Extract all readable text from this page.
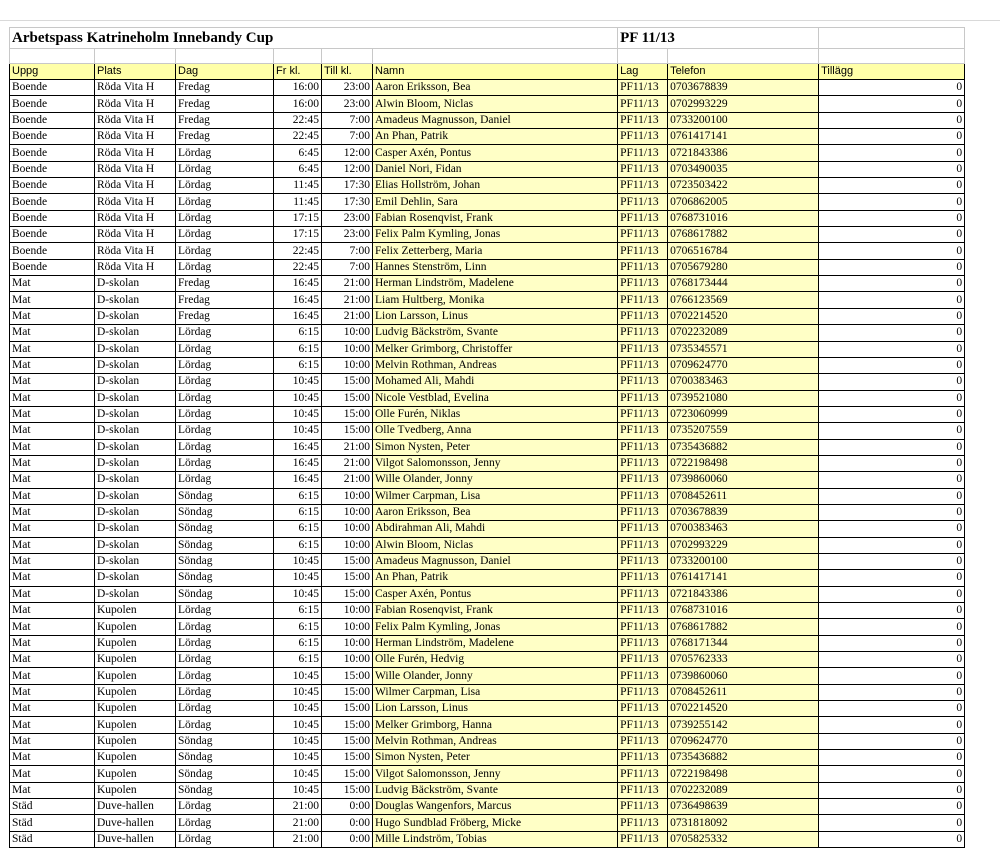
Arbetspass Katrineholm Innebandy Cup						PF 11/13		

Uppg	Plats	Dag	Fr kl.	Till kl.	Namn	Lag	Telefon	Tillägg
Boende	Röda Vita H	Fredag	16:00	23:00	Aaron Eriksson, Bea	PF11/13	0703678839	0
Boende	Röda Vita H	Fredag	16:00	23:00	Alwin Bloom, Niclas	PF11/13	0702993229	0
Boende	Röda Vita H	Fredag	22:45	7:00	Amadeus Magnusson, Daniel	PF11/13	0733200100	0
Boende	Röda Vita H	Fredag	22:45	7:00	An Phan, Patrik	PF11/13	0761417141	0
Boende	Röda Vita H	Lördag	6:45	12:00	Casper Axén, Pontus	PF11/13	0721843386	0
Boende	Röda Vita H	Lördag	6:45	12:00	Daniel Nori, Fidan	PF11/13	0703490035	0
Boende	Röda Vita H	Lördag	11:45	17:30	Elias Hollström, Johan	PF11/13	0723503422	0
Boende	Röda Vita H	Lördag	11:45	17:30	Emil Dehlin, Sara	PF11/13	0706862005	0
Boende	Röda Vita H	Lördag	17:15	23:00	Fabian Rosenqvist, Frank	PF11/13	0768731016	0
Boende	Röda Vita H	Lördag	17:15	23:00	Felix Palm Kymling, Jonas	PF11/13	0768617882	0
Boende	Röda Vita H	Lördag	22:45	7:00	Felix Zetterberg, Maria	PF11/13	0706516784	0
Boende	Röda Vita H	Lördag	22:45	7:00	Hannes Stenström, Linn	PF11/13	0705679280	0
Mat	D-skolan	Fredag	16:45	21:00	Herman Lindström, Madelene	PF11/13	0768173444	0
Mat	D-skolan	Fredag	16:45	21:00	Liam Hultberg, Monika	PF11/13	0766123569	0
Mat	D-skolan	Fredag	16:45	21:00	Lion Larsson, Linus	PF11/13	0702214520	0
Mat	D-skolan	Lördag	6:15	10:00	Ludvig Bäckström, Svante	PF11/13	0702232089	0
Mat	D-skolan	Lördag	6:15	10:00	Melker Grimborg, Christoffer	PF11/13	0735345571	0
Mat	D-skolan	Lördag	6:15	10:00	Melvin Rothman, Andreas	PF11/13	0709624770	0
Mat	D-skolan	Lördag	10:45	15:00	Mohamed Ali, Mahdi	PF11/13	0700383463	0
Mat	D-skolan	Lördag	10:45	15:00	Nicole Vestblad, Evelina	PF11/13	0739521080	0
Mat	D-skolan	Lördag	10:45	15:00	Olle Furén, Niklas	PF11/13	0723060999	0
Mat	D-skolan	Lördag	10:45	15:00	Olle Tvedberg, Anna	PF11/13	0735207559	0
Mat	D-skolan	Lördag	16:45	21:00	Simon Nysten, Peter	PF11/13	0735436882	0
Mat	D-skolan	Lördag	16:45	21:00	Vilgot Salomonsson, Jenny	PF11/13	0722198498	0
Mat	D-skolan	Lördag	16:45	21:00	Wille Olander, Jonny	PF11/13	0739860060	0
Mat	D-skolan	Söndag	6:15	10:00	Wilmer Carpman, Lisa	PF11/13	0708452611	0
Mat	D-skolan	Söndag	6:15	10:00	Aaron Eriksson, Bea	PF11/13	0703678839	0
Mat	D-skolan	Söndag	6:15	10:00	Abdirahman Ali, Mahdi	PF11/13	0700383463	0
Mat	D-skolan	Söndag	6:15	10:00	Alwin Bloom, Niclas	PF11/13	0702993229	0
Mat	D-skolan	Söndag	10:45	15:00	Amadeus Magnusson, Daniel	PF11/13	0733200100	0
Mat	D-skolan	Söndag	10:45	15:00	An Phan, Patrik	PF11/13	0761417141	0
Mat	D-skolan	Söndag	10:45	15:00	Casper Axén, Pontus	PF11/13	0721843386	0
Mat	Kupolen	Lördag	6:15	10:00	Fabian Rosenqvist, Frank	PF11/13	0768731016	0
Mat	Kupolen	Lördag	6:15	10:00	Felix Palm Kymling, Jonas	PF11/13	0768617882	0
Mat	Kupolen	Lördag	6:15	10:00	Herman Lindström, Madelene	PF11/13	0768171344	0
Mat	Kupolen	Lördag	6:15	10:00	Olle Furén, Hedvig	PF11/13	0705762333	0
Mat	Kupolen	Lördag	10:45	15:00	Wille Olander, Jonny	PF11/13	0739860060	0
Mat	Kupolen	Lördag	10:45	15:00	Wilmer Carpman, Lisa	PF11/13	0708452611	0
Mat	Kupolen	Lördag	10:45	15:00	Lion Larsson, Linus	PF11/13	0702214520	0
Mat	Kupolen	Lördag	10:45	15:00	Melker Grimborg, Hanna	PF11/13	0739255142	0
Mat	Kupolen	Söndag	10:45	15:00	Melvin Rothman, Andreas	PF11/13	0709624770	0
Mat	Kupolen	Söndag	10:45	15:00	Simon Nysten, Peter	PF11/13	0735436882	0
Mat	Kupolen	Söndag	10:45	15:00	Vilgot Salomonsson, Jenny	PF11/13	0722198498	0
Mat	Kupolen	Söndag	10:45	15:00	Ludvig Bäckström, Svante	PF11/13	0702232089	0
Städ	Duve-hallen	Lördag	21:00	0:00	Douglas Wangenfors, Marcus	PF11/13	0736498639	0
Städ	Duve-hallen	Lördag	21:00	0:00	Hugo Sundblad Fröberg, Micke	PF11/13	0731818092	0
Städ	Duve-hallen	Lördag	21:00	0:00	Mille Lindström, Tobias	PF11/13	0705825332	0
